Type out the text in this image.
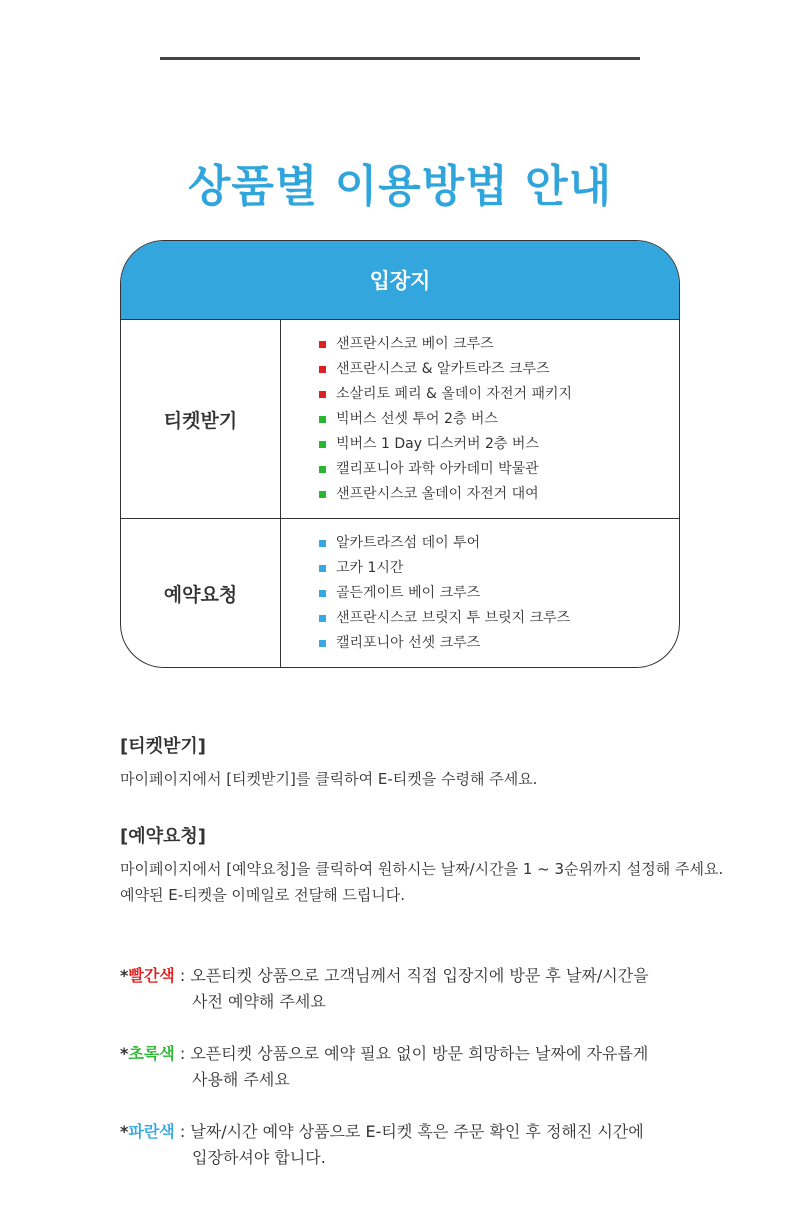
상품별 이용방법 안내
입장지
티켓받기
샌프란시스코 베이 크루즈
샌프란시스코 & 알카트라즈 크루즈
소살리토 페리 & 올데이 자전거 패키지
빅버스 선셋 투어 2층 버스
빅버스 1 Day 디스커버 2층 버스
캘리포니아 과학 아카데미 박물관
샌프란시스코 올데이 자전거 대여
예약요청
알카트라즈섬 데이 투어
고카 1시간
골든게이트 베이 크루즈
샌프란시스코 브릿지 투 브릿지 크루즈
캘리포니아 선셋 크루즈
[티켓받기]

마이페이지에서 [티켓받기]를 클릭하여 E-티켓을 수령해 주세요.

[예약요청]

마이페이지에서 [예약요청]을 클릭하여 원하시는 날짜/시간을 1 ~ 3순위까지 설정해 주세요.
예약된 E-티켓을 이메일로 전달해 드립니다.

*빨간색 : 오픈티켓 상품으로 고객님께서 직접 입장지에 방문 후 날짜/시간을
사전 예약해 주세요
*초록색 : 오픈티켓 상품으로 예약 필요 없이 방문 희망하는 날짜에 자유롭게
사용해 주세요
*파란색 : 날짜/시간 예약 상품으로 E-티켓 혹은 주문 확인 후 정해진 시간에
입장하셔야 합니다.
